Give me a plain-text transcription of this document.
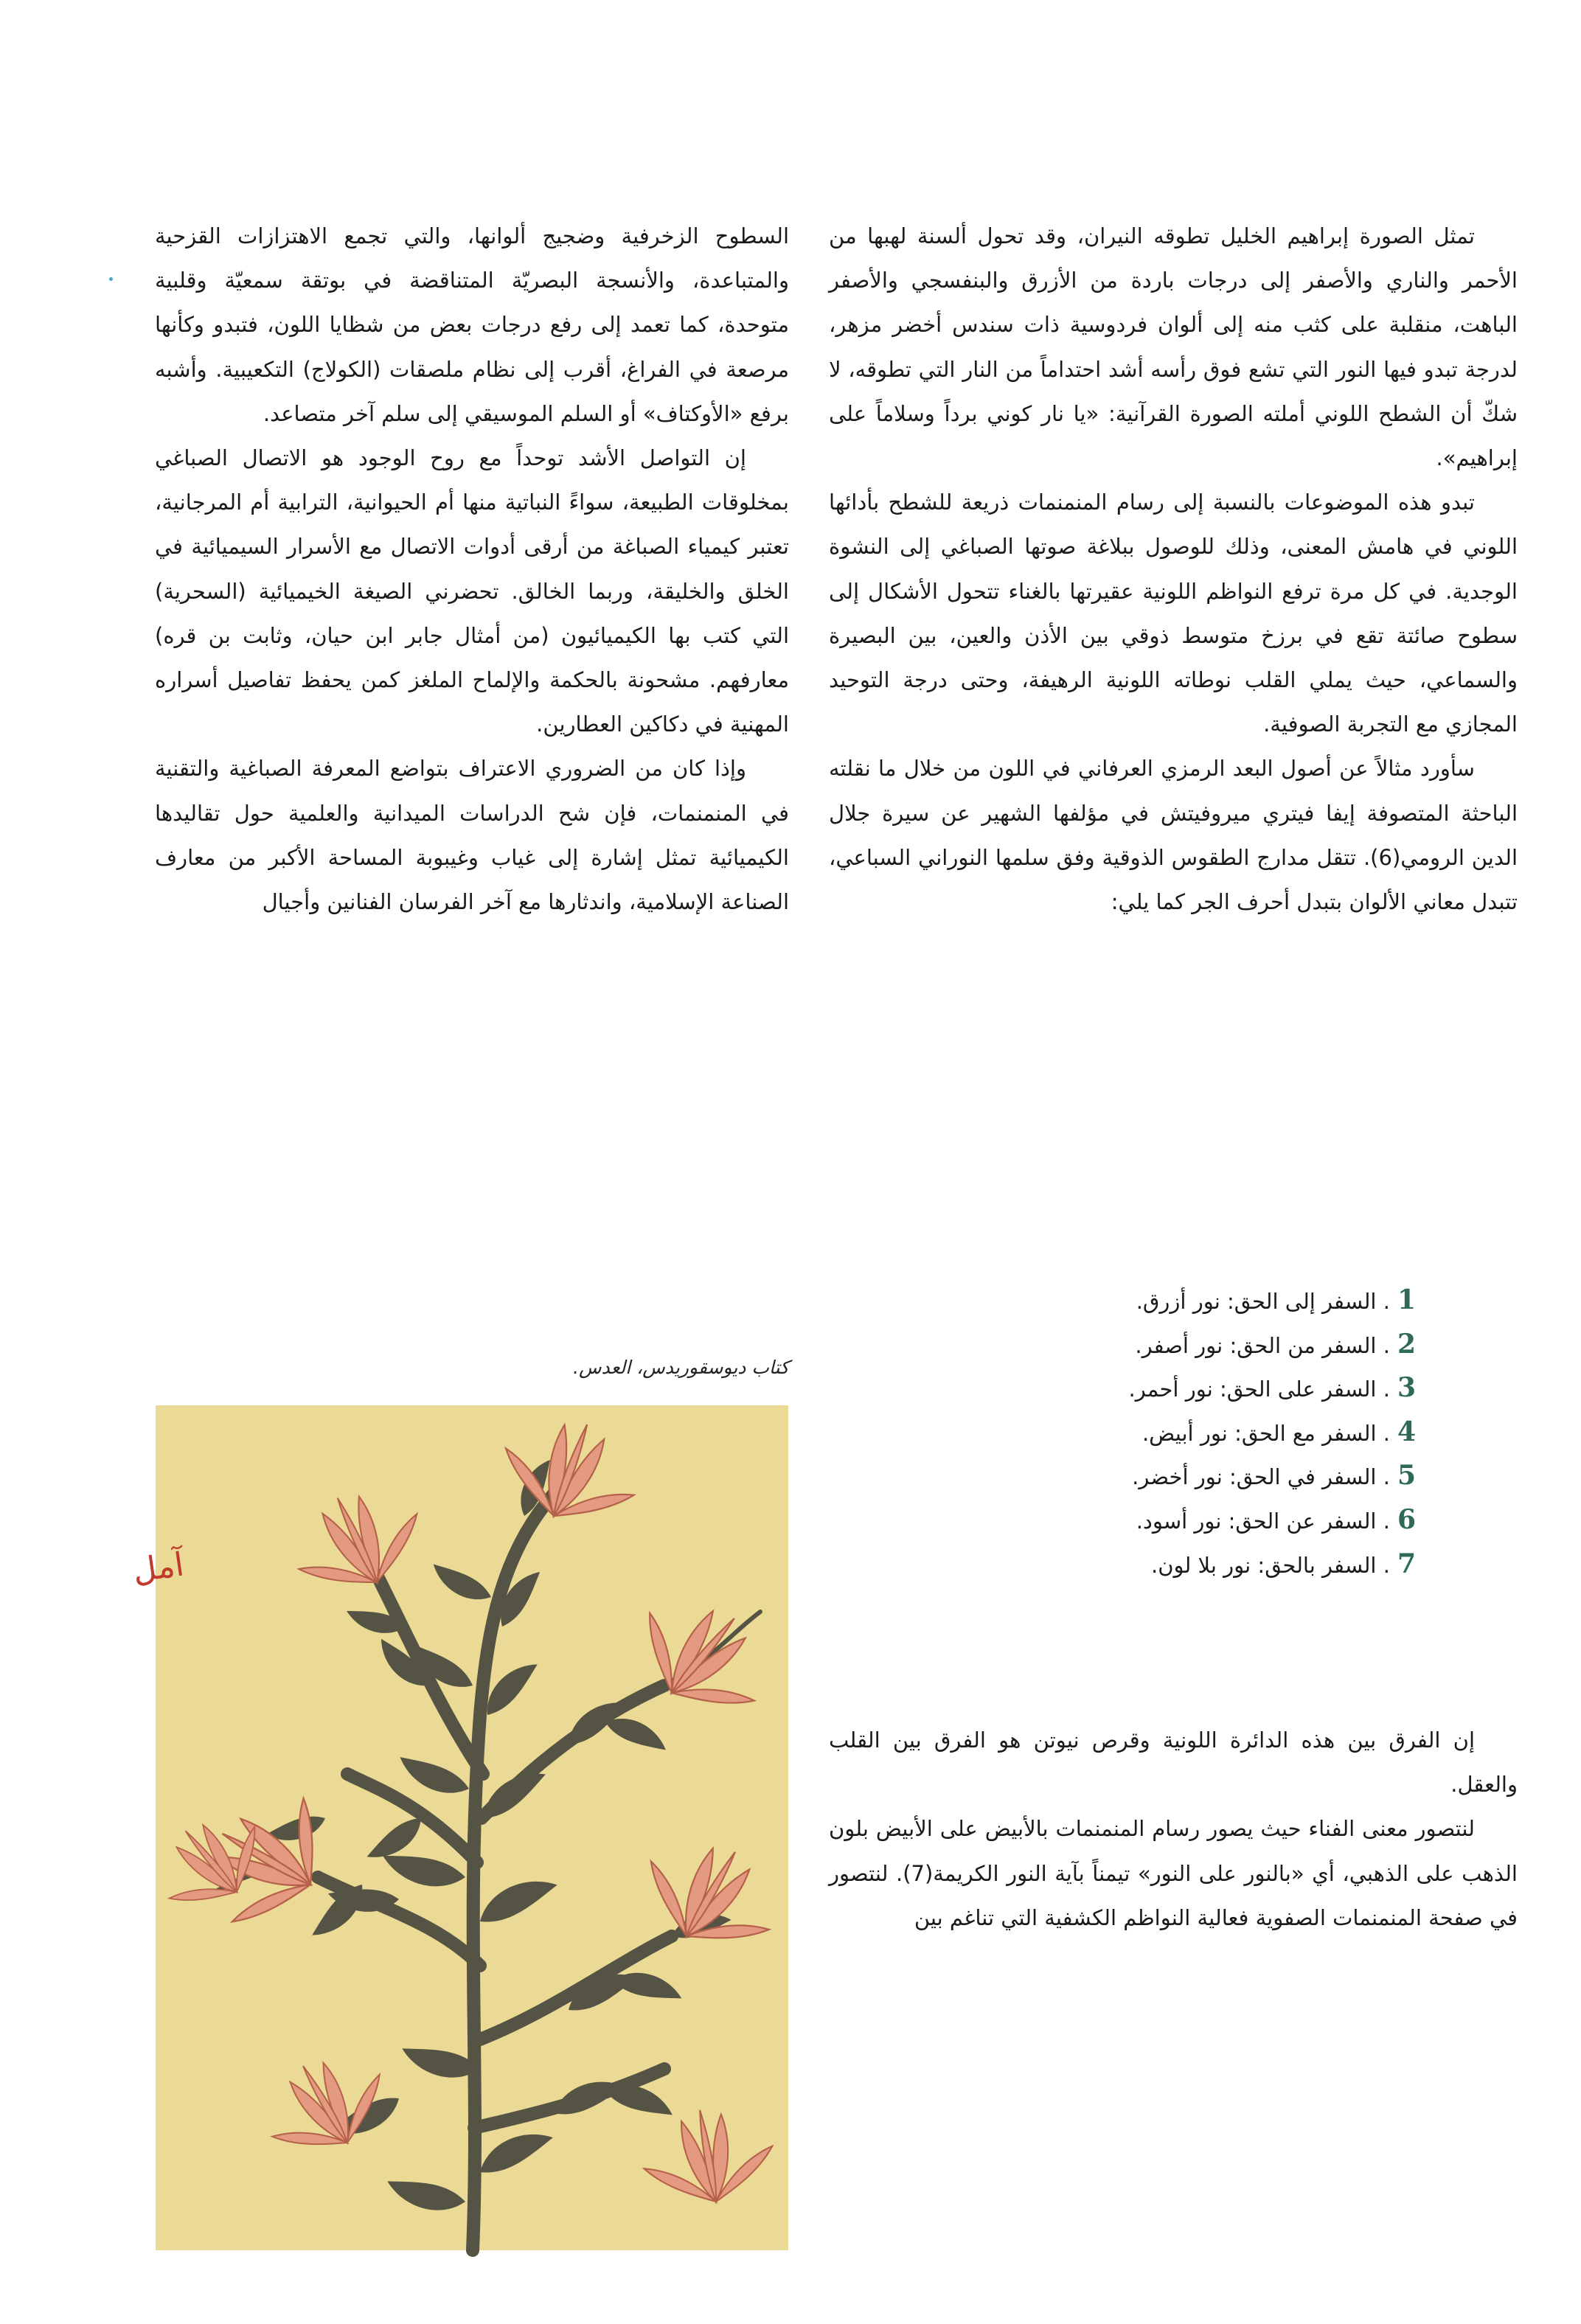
تمثل الصورة إبراهيم الخليل تطوقه النيران، وقد تحول ألسنة لهبها من الأحمر والناري والأصفر إلى درجات باردة من الأزرق والبنفسجي والأصفر الباهت، منقلبة على كثب منه إلى ألوان فردوسية ذات سندس أخضر مزهر، لدرجة تبدو فيها النور التي تشع فوق رأسه أشد احتداماً من النار التي تطوقه، لا شكّ أن الشطح اللوني أملته الصورة القرآنية: «يا نار كوني برداً وسلاماً على إبراهيم».

تبدو هذه الموضوعات بالنسبة إلى رسام المنمنمات ذريعة للشطح بأدائها اللوني في هامش المعنى، وذلك للوصول ببلاغة صوتها الصباغي إلى النشوة الوجدية. في كل مرة ترفع النواظم اللونية عقيرتها بالغناء تتحول الأشكال إلى سطوح صائتة تقع في برزخ متوسط ذوقي بين الأذن والعين، بين البصيرة والسماعي، حيث يملي القلب نوطاته اللونية الرهيفة، وحتى درجة التوحيد المجازي مع التجربة الصوفية.

سأورد مثالاً عن أصول البعد الرمزي العرفاني في اللون من خلال ما نقلته الباحثة المتصوفة إيفا فيتري ميروفيتش في مؤلفها الشهير عن سيرة جلال الدين الرومي(6). تتقل مدارج الطقوس الذوقية وفق سلمها النوراني السباعي، تتبدل معاني الألوان بتبدل أحرف الجر كما يلي:

1. السفر إلى الحق: نور أزرق.
2. السفر من الحق: نور أصفر.
3. السفر على الحق: نور أحمر.
4. السفر مع الحق: نور أبيض.
5. السفر في الحق: نور أخضر.
6. السفر عن الحق: نور أسود.
7. السفر بالحق: نور بلا لون.

إن الفرق بين هذه الدائرة اللونية وقرص نيوتن هو الفرق بين القلب والعقل.

لنتصور معنى الفناء حيث يصور رسام المنمنمات بالأبيض على الأبيض بلون الذهب على الذهبي، أي «بالنور على النور» تيمناً بآية النور الكريمة(7). لنتصور في صفحة المنمنمات الصفوية فعالية النواظم الكشفية التي تناغم بين

السطوح الزخرفية وضجيج ألوانها، والتي تجمع الاهتزازات القزحية والمتباعدة، والأنسجة البصريّة المتناقضة في بوتقة سمعيّة وقلبية متوحدة، كما تعمد إلى رفع درجات بعض من شظايا اللون، فتبدو وكأنها مرصعة في الفراغ، أقرب إلى نظام ملصقات (الكولاج) التكعيبية. وأشبه برفع «الأوكتاف» أو السلم الموسيقي إلى سلم آخر متصاعد.

إن التواصل الأشد توحداً مع روح الوجود هو الاتصال الصباغي بمخلوقات الطبيعة، سواءً النباتية منها أم الحيوانية، الترابية أم المرجانية، تعتبر كيمياء الصباغة من أرقى أدوات الاتصال مع الأسرار السيميائية في الخلق والخليقة، وربما الخالق. تحضرني الصيغة الخيميائية (السحرية) التي كتب بها الكيميائيون (من أمثال جابر ابن حيان، وثابت بن قره) معارفهم. مشحونة بالحكمة والإلماح الملغز كمن يحفظ تفاصيل أسراره المهنية في دكاكين العطارين.

وإذا كان من الضروري الاعتراف بتواضع المعرفة الصباغية والتقنية في المنمنمات، فإن شح الدراسات الميدانية والعلمية حول تقاليدها الكيميائية تمثل إشارة إلى غياب وغيبوبة المساحة الأكبر من معارف الصناعة الإسلامية، واندثارها مع آخر الفرسان الفنانين وأجيال

كتاب ديوسقوريدس، العدس.
آمل
